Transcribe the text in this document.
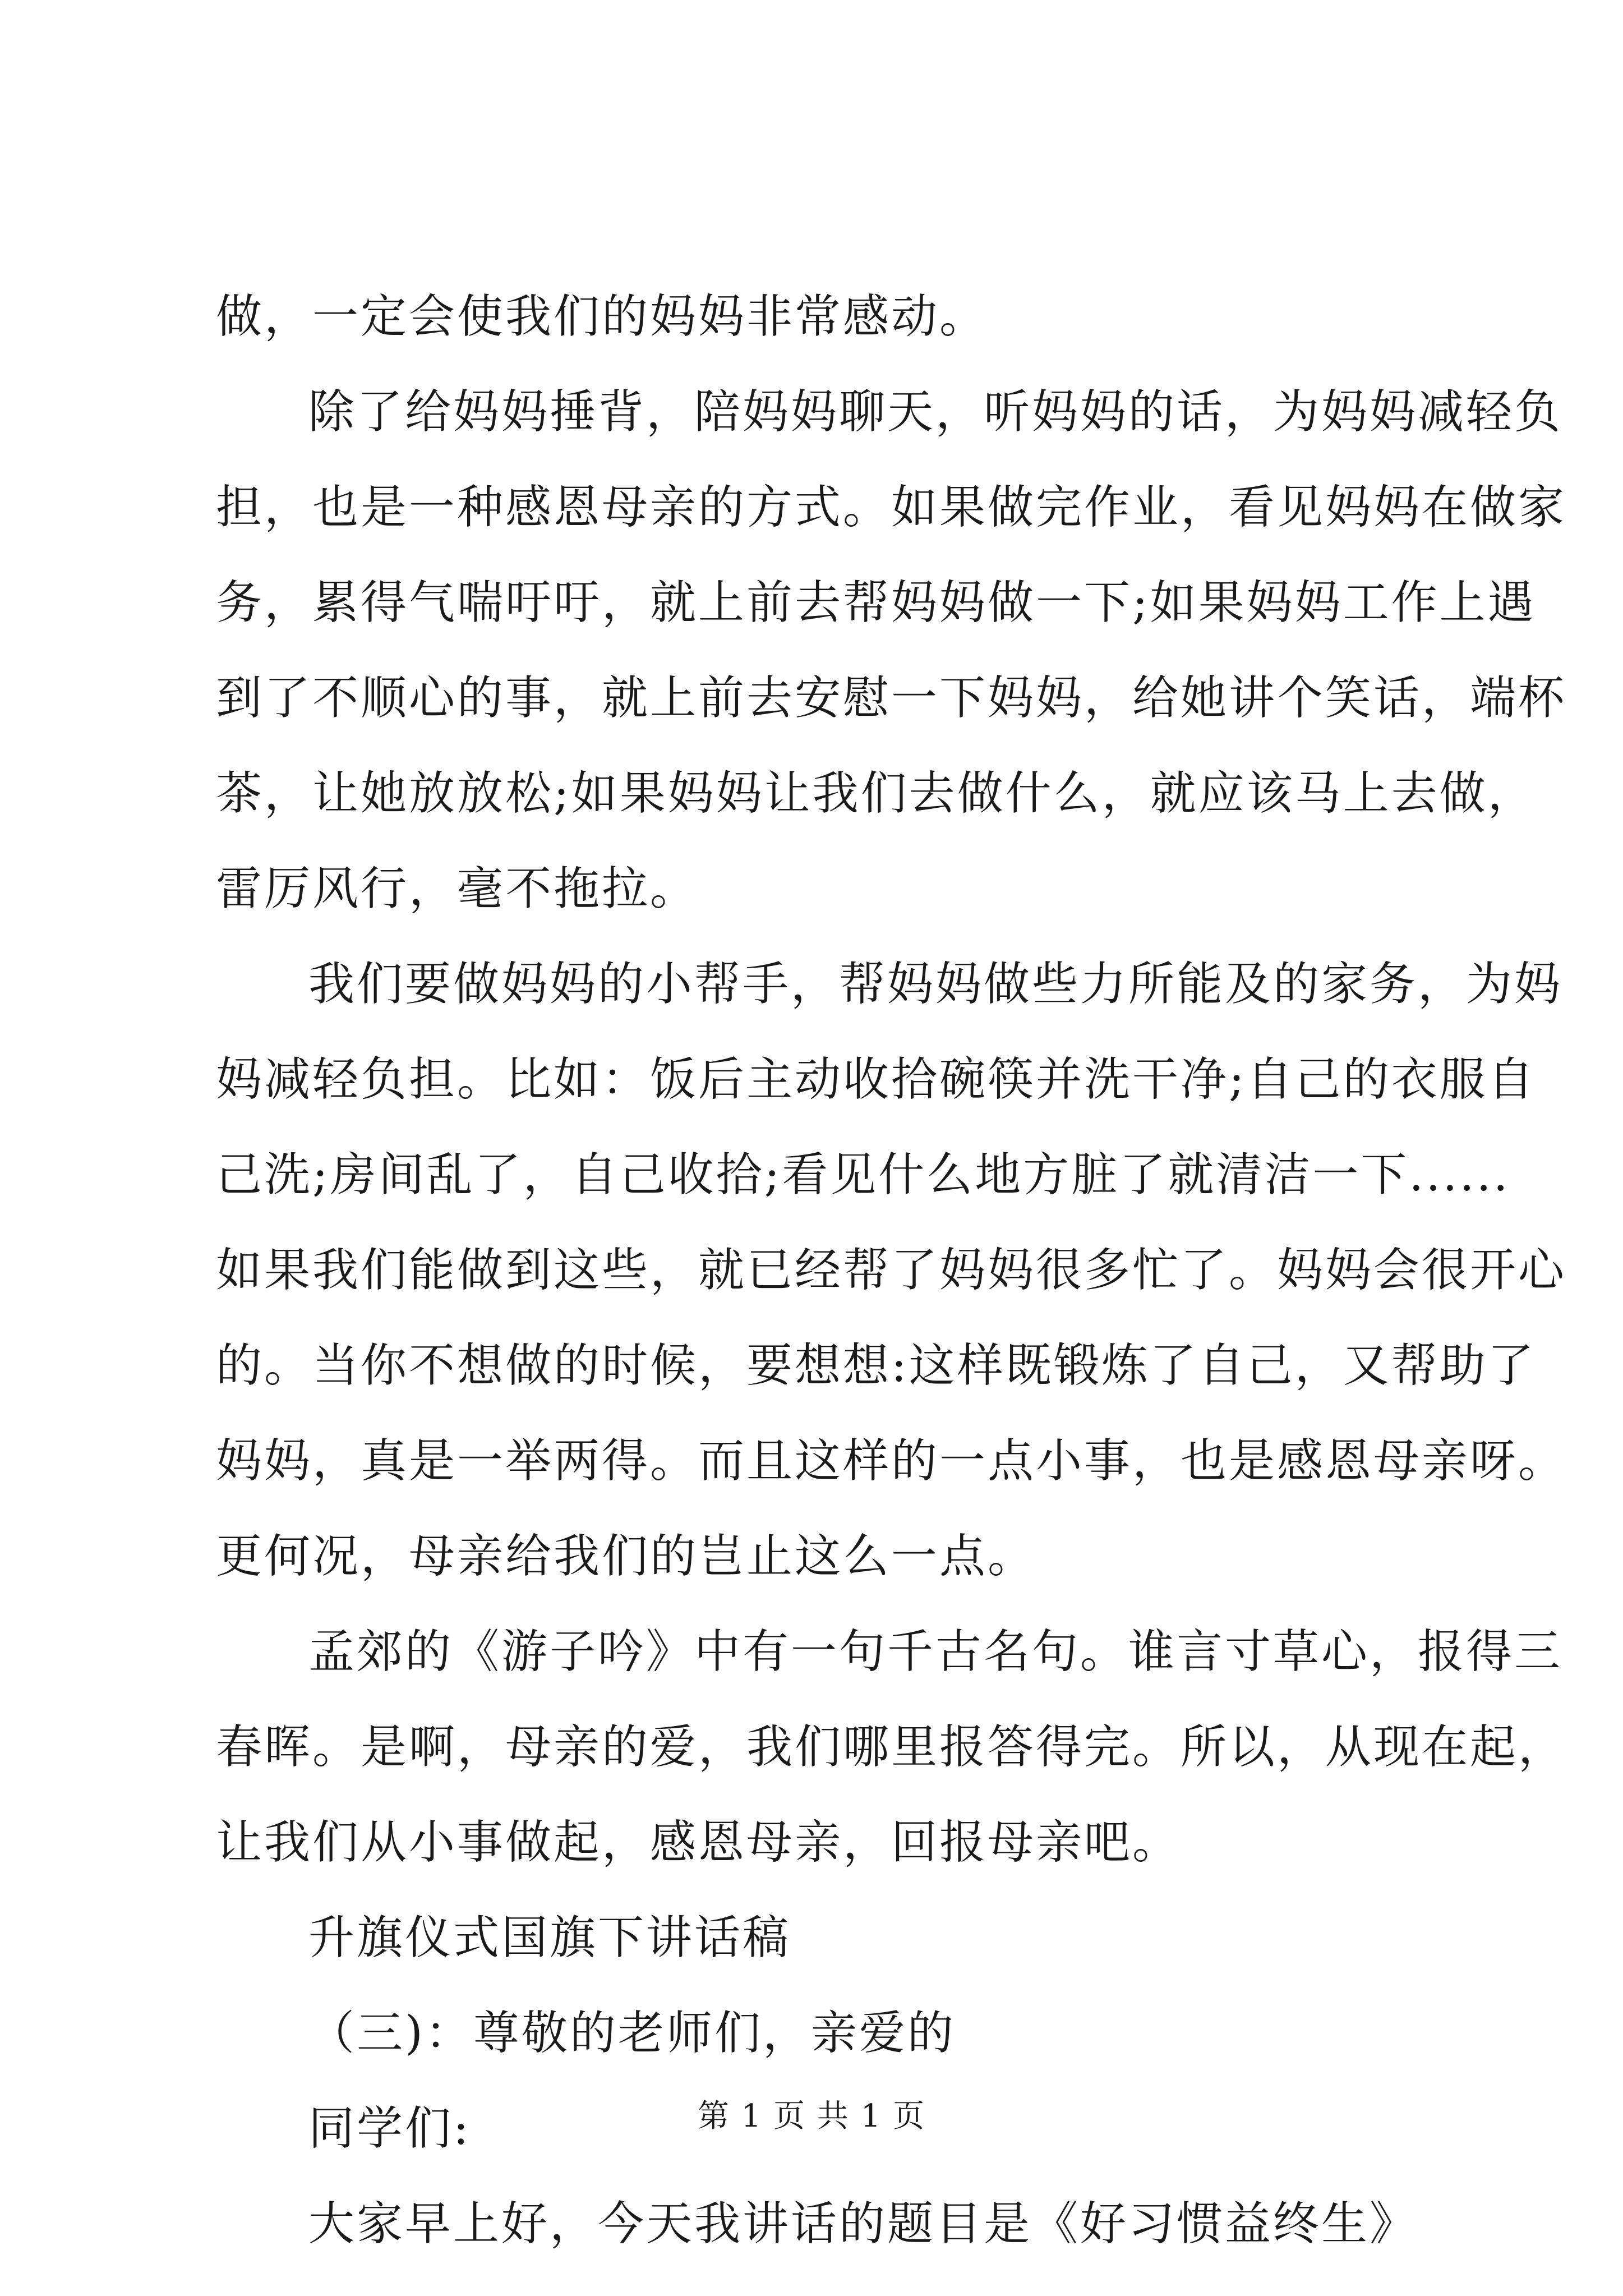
做，一定会使我们的妈妈非常感动。
除了给妈妈捶背，陪妈妈聊天，听妈妈的话，为妈妈减轻负
担，也是一种感恩母亲的方式。如果做完作业，看见妈妈在做家
务，累得气喘吁吁，就上前去帮妈妈做一下;如果妈妈工作上遇
到了不顺心的事，就上前去安慰一下妈妈，给她讲个笑话，端杯
茶，让她放放松;如果妈妈让我们去做什么，就应该马上去做，
雷厉风行，毫不拖拉。
我们要做妈妈的小帮手，帮妈妈做些力所能及的家务，为妈
妈减轻负担。比如：饭后主动收拾碗筷并洗干净;自己的衣服自
己洗;房间乱了，自己收拾;看见什么地方脏了就清洁一下......
如果我们能做到这些，就已经帮了妈妈很多忙了。妈妈会很开心
的。当你不想做的时候，要想想:这样既锻炼了自己，又帮助了
妈妈，真是一举两得。而且这样的一点小事，也是感恩母亲呀。
更何况，母亲给我们的岂止这么一点。
孟郊的《游子吟》中有一句千古名句。谁言寸草心，报得三
春晖。是啊，母亲的爱，我们哪里报答得完。所以，从现在起，
让我们从小事做起，感恩母亲，回报母亲吧。
升旗仪式国旗下讲话稿
（三)：尊敬的老师们，亲爱的
同学们:
大家早上好，今天我讲话的题目是《好习惯益终生》
第 1 页 共 1 页
